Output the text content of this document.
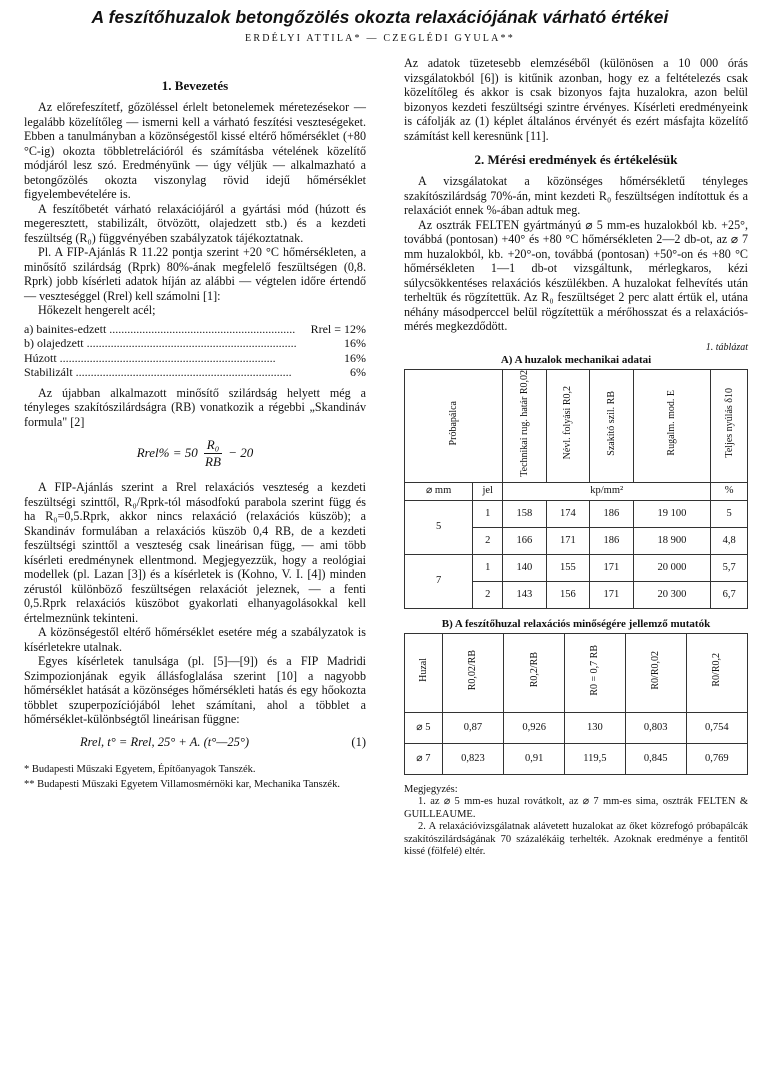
A feszítőhuzalok betongőzölés okozta relaxációjának várható értékei
ERDÉLYI ATTILA* — CZEGLÉDI GYULA**
1. Bevezetés

Az előrefeszítetf, gőzöléssel érlelt betonelemek méretezésekor — legalább közelítőleg — ismerni kell a várható feszítési veszteségeket. Ebben a tanulmányban a közönségestől kissé eltérő hőmérséklet (+80 °C-ig) okozta többletrelációról és számításba vételének közelítő módjáról lesz szó. Eredményünk — úgy véljük — alkalmazható a betongőzölés okozta viszonylag rövid idejű hőmérséklet figyelembevételére is.

A feszítőbetét várható relaxációjáról a gyártási mód (húzott és megeresztett, stabilizált, ötvözött, olajedzett stb.) és a kezdeti feszültség (R₀) függvényében szabályzatok tájékoztatnak.

Pl. A FIP-Ajánlás R 11.22 pontja szerint +20 °C hőmérsékleten, a minősítő szilárdság (Rprk) 80%-ának megfelelő feszültségen (0,8. Rprk) jobb kísérleti adatok híján az alábbi — végtelen időre értendő — veszteséggel (Rrel) kell számolni [1]:

Hőkezelt hengerelt acél;

a) bainites-edzett .....	Rrel = 12%
b) olajedzett .....	16%
Húzott .....	16%
Stabilizált .....	6%

Az újabban alkalmazott minősítő szilárdság helyett még a tényleges szakítószilárdságra (RB) vonatkozik a régebbi „Skandináv formula" [2]

Rrel% = $50 \frac{\text{R₀}}{RB} - 20$

A FIP-Ajánlás szerint a Rrel relaxációs veszteség a kezdeti feszültségi szinttől, R₀/Rprk-tól másodfokú parabola szerint függ és ha R₀=0,5.Rprk, akkor nincs relaxáció (relaxációs küszöb); a Skandináv formulában a relaxációs küszöb 0,4 RB, de a kezdeti feszültségi szinttől a veszteség csak lineárisan függ, — ami több kísérleti eredménynek ellentmond. Megjegyezzük, hogy a reológiai modellek (pl. Lazan [3]) és a kísérletek is (Kohno, V. I. [4]) minden zérustól különböző feszültségen relaxációt jeleznek, — a fenti 0,5.Rprk relaxációs küszöbot gyakorlati elhanyagolásokkal kell értelmeznünk tekinteni.

A közönségestől eltérő hőmérséklet esetére még a szabályzatok is kísérletekre utalnak.

Egyes kísérletek tanulsága (pl. [5]—[9]) és a FIP Madridi Szimpozionjának egyik állásfoglalása szerint [10] a nagyobb hőmérséklet hatását a közönséges hőmérsékleti hatás és egy hőokozta többlet szuperpozíciójából lehet számítani, ahol a többlet a hőmérséklet-különbségtől lineárisan függne:

Rrel, t° = Rrel, 25° + A. (t°—25°)	(1)

* Budapesti Műszaki Egyetem, Építőanyagok Tanszék.

** Budapesti Műszaki Egyetem Villamosmérnöki kar, Mechanika Tanszék.

Az adatok tüzetesebb elemzéséből (különösen a 10 000 órás vizsgálatokból [6]) is kitűnik azonban, hogy ez a feltételezés csak közelítőleg és akkor is csak bizonyos fajta huzalokra, azon belül bizonyos kezdeti feszültségi szintre érvényes. Kísérleti eredményeink is cáfolják az (1) képlet általános érvényét és ezért másfajta közelítő számítást kell keresnünk [11].

2. Mérési eredmények és értékelésük

A vizsgálatokat a közönséges hőmérsékletű tényleges szakítószilárdság 70%-án, mint kezdeti R₀ feszültségen indítottuk és a relaxációt ennek %-ában adtuk meg.

Az osztrák FELTEN gyártmányú ⌀ 5 mm-es huzalokból kb. +25°, továbbá (pontosan) +40° és +80 °C hőmérsékleten 2—2 db-ot, az ⌀ 7 mm huzalokból, kb. +20°-on, továbbá (pontosan) +50°-on és +80 °C hőmérsékleten 1—1 db-ot vizsgáltunk, mérlegkaros, kézi súlycsökkentéses relaxációs készülékben. A huzalokat felhevítés után terheltük és rögzítettük. Az R₀ feszültséget 2 perc alatt értük el, utána néhány másodperccel belül rögzítettük a mérőhosszat és a relaxációs-mérés megkezdődött.

1. táblázat
A) A huzalok mechanikai adatai
Próbapálca		Technikai rug. határ R0,02	Névl. folyási R0,2	Szakító szil. RB	Rugalm. mod. E	Teljes nyúlás δ10
⌀ mm	jel	kp/mm²				%
5	1	158	174	186	19 100	5
	2	166	171	186	18 900	4,8
7	1	140	155	171	20 000	5,7
	2	143	156	171	20 300	6,7
B) A feszítőhuzal relaxációs minőségére jellemző mutatók
Huzal	R0,02/RB	R0,2/RB	R0 = 0,7 RB	R0/R0,02	R0/R0,2
⌀ 5	0,87	0,926	130	0,803	0,754
⌀ 7	0,823	0,91	119,5	0,845	0,769

Megjegyzés:

1. az ⌀ 5 mm-es huzal rovátkolt, az ⌀ 7 mm-es sima, osztrák FELTEN & GUILLEAUME.

2. A relaxációvizsgálatnak alávetett huzalokat az őket közrefogó próbapálcák szakítószilárdságának 70 százalékáig terhelték. Azoknak eredménye a fentitől kissé (fölfelé) eltér.
